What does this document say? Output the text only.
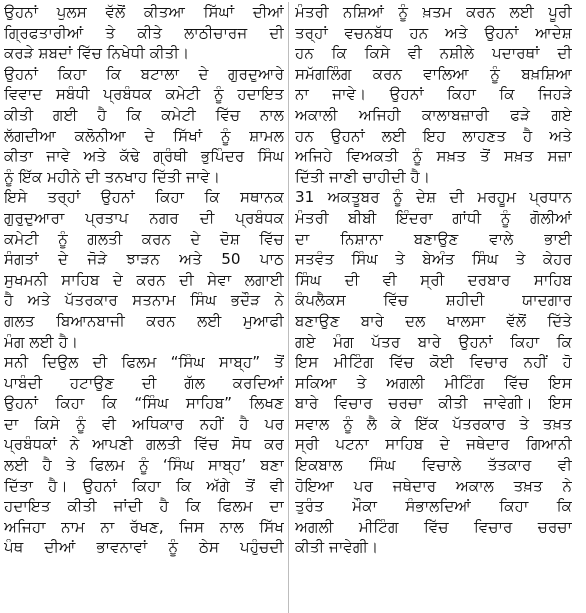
ਉਹਨਾਂ ਪੁਲਸ ਵੱਲੋਂ ਕੀਤਆ ਸਿੱਘਾਂ ਦੀਆਂ
ਗ੍ਰਿਫਤਾਰੀਆਂ ਤੇ ਕੀਤੇ ਲਾਠੀਚਾਰਜ ਦੀ
ਕਰੜੇ ਸ਼ਬਦਾਂ ਵਿੱਚ ਨਿਖੇਧੀ ਕੀਤੀ।
ਉਹਨਾਂ ਕਿਹਾ ਕਿ ਬਟਾਲਾ ਦੇ ਗੁਰਦੁਆਰੇ
ਵਿਵਾਦ ਸਬੰਧੀ ਪ੍ਰਬੰਧਕ ਕਮੇਟੀ ਨੂੰ ਹਦਾਇਤ
ਕੀਤੀ ਗਈ ਹੈ ਕਿ ਕਮੇਟੀ ਵਿੱਚ ਨਾਲ
ਲੱਗਦੀਆ ਕਲੋਨੀਆ ਦੇ ਸਿੱਖਾਂ ਨੂੰ ਸ਼ਾਮਲ
ਕੀਤਾ ਜਾਵੇ ਅਤੇ ਕੱਢੇ ਗ੍ਰੰਥੀ ਭੁਪਿੰਦਰ ਸਿੰਘ
ਨੂੰ ਇੱਕ ਮਹੀਨੇ ਦੀ ਤਨਖਾਹ ਦਿੱਤੀ ਜਾਵੇ।
ਇਸੇ ਤਰ੍ਹਾਂ ਉਹਨਾਂ ਕਿਹਾ ਕਿ ਸਥਾਨਕ
ਗੁਰੁਦੁਆਰਾ ਪ੍ਰਤਾਪ ਨਗਰ ਦੀ ਪ੍ਰਬੰਧਕ
ਕਮੇਟੀ ਨੂੰ ਗਲਤੀ ਕਰਨ ਦੇ ਦੋਸ਼ ਵਿੱਚ
ਸੰਗਤਾਂ ਦੇ ਜੋੜੇ ਝਾੜਨ ਅਤੇ 50 ਪਾਠ
ਸੁਖਮਨੀ ਸਾਹਿਬ ਦੇ ਕਰਨ ਦੀ ਸੇਵਾ ਲਗਾਈ
ਹੈ ਅਤੇ ਪੱਤਰਕਾਰ ਸਤਨਾਮ ਸਿੰਘ ਭਦੌੜ ਨੇ
ਗਲਤ ਬਿਆਨਬਾਜੀ ਕਰਨ ਲਈ ਮੁਆਫੀ
ਮੰਗ ਲਈ ਹੈ।
ਸਨੀ ਦਿਉਲ ਦੀ ਫਿਲਮ “ਸਿੰਘ ਸਾਬ੍ਹ” ਤੋਂ
ਪਾਬੰਦੀ ਹਟਾਉਣ ਦੀ ਗੱਲ ਕਰਦਿਆਂ
ਉਹਨਾਂ ਕਿਹਾ ਕਿ “ਸਿੰਘ ਸਾਹਿਬ” ਲਿਖਣ
ਦਾ ਕਿਸੇ ਨੂੰ ਵੀ ਅਧਿਕਾਰ ਨਹੀਂ ਹੈ ਪਰ
ਪ੍ਰਬੰਧਕਾਂ ਨੇ ਆਪਣੀ ਗਲਤੀ ਵਿੱਚ ਸੋਧ ਕਰ
ਲਈ ਹੈ ਤੇ ਫਿਲਮ ਨੂੰ ‘ਸਿੰਘ ਸਾਬ੍ਹ’ ਬਣਾ
ਦਿੱਤਾ ਹੈ। ਉਹਨਾਂ ਕਿਹਾ ਕਿ ਅੱਗੇ ਤੋਂ ਵੀ
ਹਦਾਇਤ ਕੀਤੀ ਜਾਂਦੀ ਹੈ ਕਿ ਫਿਲਮ ਦਾ
ਅਜਿਹਾ ਨਾਮ ਨਾ ਰੱਖਣ, ਜਿਸ ਨਾਲ ਸਿੱਖ
ਪੰਥ ਦੀਆਂ ਭਾਵਨਾਵਾਂ ਨੂੰ ਠੇਸ ਪਹੁੰਚਦੀ
ਮੰਤਰੀ ਨਸ਼ਿਆਂ ਨੂੰ ਖ਼ਤਮ ਕਰਨ ਲਈ ਪੂਰੀ
ਤਰ੍ਹਾਂ ਵਚਨਬੱਧ ਹਨ ਅਤੇ ਉਹਨਾਂ ਆਦੇਸ਼
ਹਨ ਕਿ ਕਿਸੇ ਵੀ ਨਸ਼ੀਲੇ ਪਦਾਰਥਾਂ ਦੀ
ਸਮੱਗਲਿੰਗ ਕਰਨ ਵਾਲਿਆ ਨੂੰ ਬਖ਼ਸ਼ਿਆ
ਨਾ ਜਾਵੇ। ਉਹਨਾਂ ਕਿਹਾ ਕਿ ਜਿਹੜੇ
ਅਕਾਲੀ ਅਜਿਹੀ ਕਾਲਾਬਜ਼ਾਰੀ ਫੜੇ ਗਏ
ਹਨ ਉਹਨਾਂ ਲਈ ਇਹ ਲਾਹਣਤ ਹੈ ਅਤੇ
ਅਜਿਹੇ ਵਿਅਕਤੀ ਨੂੰ ਸਖ਼ਤ ਤੋਂ ਸਖ਼ਤ ਸਜ਼ਾ
ਦਿੱਤੀ ਜਾਣੀ ਚਾਹੀਦੀ ਹੈ।
31 ਅਕਤੂਬਰ ਨੂੰ ਦੇਸ਼ ਦੀ ਮਰਹੂਮ ਪ੍ਰਧਾਨ
ਮੰਤਰੀ ਬੀਬੀ ਇੰਦਰਾ ਗਾਂਧੀ ਨੂੰ ਗੋਲੀਆਂ
ਦਾ ਨਿਸ਼ਾਨਾ ਬਣਾਉਣ ਵਾਲੇ ਭਾਈ
ਸਤਵੰਤ ਸਿੰਘ ਤੇ ਬੇਅੰਤ ਸਿੰਘ ਤੇ ਕੇਹਰ
ਸਿੰਘ ਦੀ ਵੀ ਸ੍ਰੀ ਦਰਬਾਰ ਸਾਹਿਬ
ਕੰਪਲੈਕਸ ਵਿੱਚ ਸ਼ਹੀਦੀ ਯਾਦਗਾਰ
ਬਣਾਉਣ ਬਾਰੇ ਦਲ ਖਾਲਸਾ ਵੱਲੋਂ ਦਿੱਤੇ
ਗਏ ਮੰਗ ਪੱਤਰ ਬਾਰੇ ਉਹਨਾਂ ਕਿਹਾ ਕਿ
ਇਸ ਮੀਟਿੰਗ ਵਿੱਚ ਕੋਈ ਵਿਚਾਰ ਨਹੀਂ ਹੋ
ਸਕਿਆ ਤੇ ਅਗਲੀ ਮੀਟਿੰਗ ਵਿੱਚ ਇਸ
ਬਾਰੇ ਵਿਚਾਰ ਚਰਚਾ ਕੀਤੀ ਜਾਵੇਗੀ। ਇਸ
ਸਵਾਲ ਨੂੰ ਲੈ ਕੇ ਇੱਕ ਪੱਤਰਕਾਰ ਤੇ ਤਖ਼ਤ
ਸ੍ਰੀ ਪਟਨਾ ਸਾਹਿਬ ਦੇ ਜਥੇਦਾਰ ਗਿਆਨੀ
ਇਕਬਾਲ ਸਿੰਘ ਵਿਚਾਲੇ ਤੱਤਕਾਰ ਵੀ
ਹੋਇਆ ਪਰ ਜਥੇਦਾਰ ਅਕਾਲ ਤਖ਼ਤ ਨੇ
ਤੁਰੰਤ ਮੌਕਾ ਸੰਭਾਲਦਿਆਂ ਕਿਹਾ ਕਿ
ਅਗਲੀ ਮੀਟਿੰਗ ਵਿੱਚ ਵਿਚਾਰ ਚਰਚਾ
ਕੀਤੀ ਜਾਵੇਗੀ।
